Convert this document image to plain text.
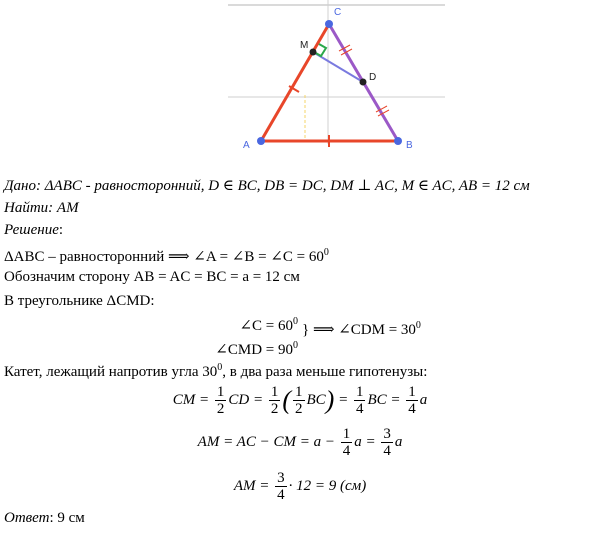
A	B
C
M
D
Дано: ΔABC - равносторонний, D ∈ BC, DB = DC, DM ⊥ AC, M ∈ AC, AB = 12 см
Найти: AM
Решение:
ΔABC – равносторонний ⟹ ∠A = ∠B = ∠C = $60^0$
Обозначим сторону AB = AC = BC = a = 12 см
В треугольнике ΔCMD:
∠C = $60^0$
∠CMD = $90^0$
} ⟹ ∠CDM = $30^0$
Катет, лежащий напротив угла $30^0$, в два раза меньше гипотенузы:
CM = $\frac{1}{2}$ CD = $\frac{1}{2}$ ( $\frac{1}{2} BC) = \frac{1}{4}$ BC = $\frac{1}{4}$ a
AM = AC − CM = $a - \frac{1}{4}$ $a = \frac{3}{4}$ a
AM = $\frac{3}{4} \cdot 12 = 9$ (см)
Ответ: 9 см
